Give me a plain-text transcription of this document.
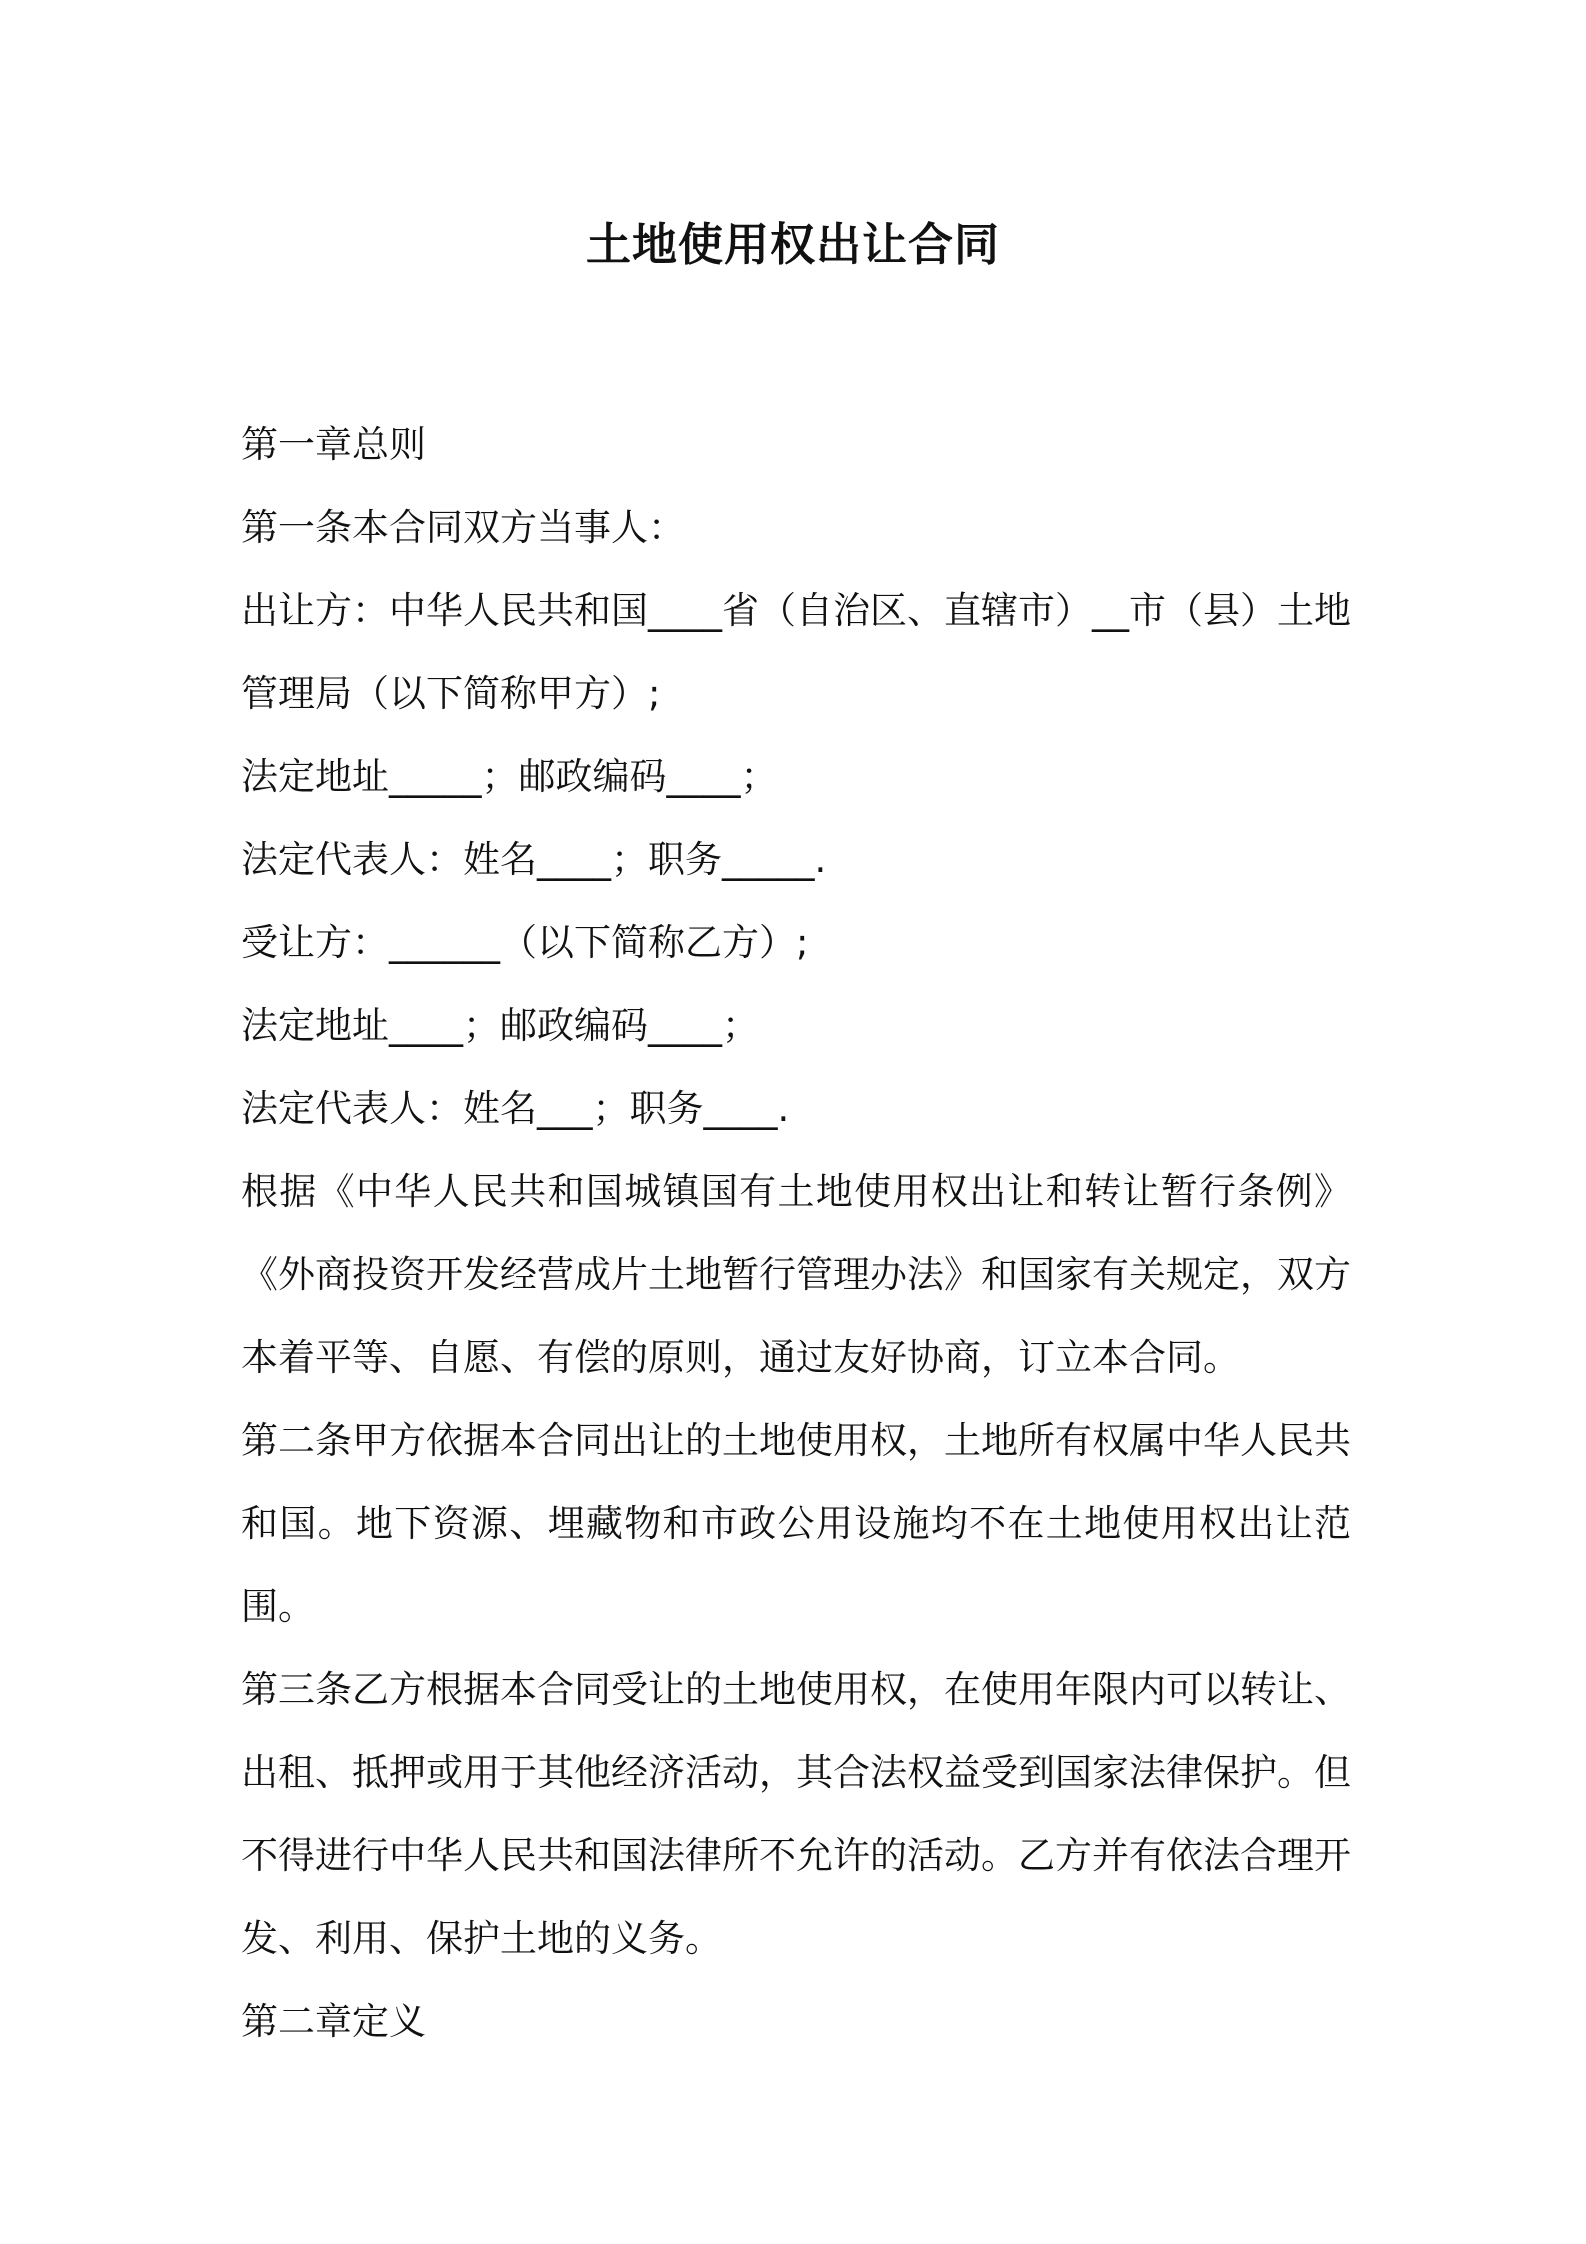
土地使用权出让合同

第一章总则

第一条本合同双方当事人：

出让方：中华人民共和国____省（自治区、直辖市）__市（县）土地管理局（以下简称甲方）;

法定地址_____；邮政编码____；

法定代表人：姓名____；职务_____.

受让方：______（以下简称乙方）;

法定地址____；邮政编码____；

法定代表人：姓名___；职务____.

根据《中华人民共和国城镇国有土地使用权出让和转让暂行条例》《外商投资开发经营成片土地暂行管理办法》和国家有关规定，双方本着平等、自愿、有偿的原则，通过友好协商，订立本合同。

第二条甲方依据本合同出让的土地使用权，土地所有权属中华人民共和国。地下资源、埋藏物和市政公用设施均不在土地使用权出让范围。

第三条乙方根据本合同受让的土地使用权，在使用年限内可以转让、出租、抵押或用于其他经济活动，其合法权益受到国家法律保护。但不得进行中华人民共和国法律所不允许的活动。乙方并有依法合理开发、利用、保护土地的义务。

第二章定义
